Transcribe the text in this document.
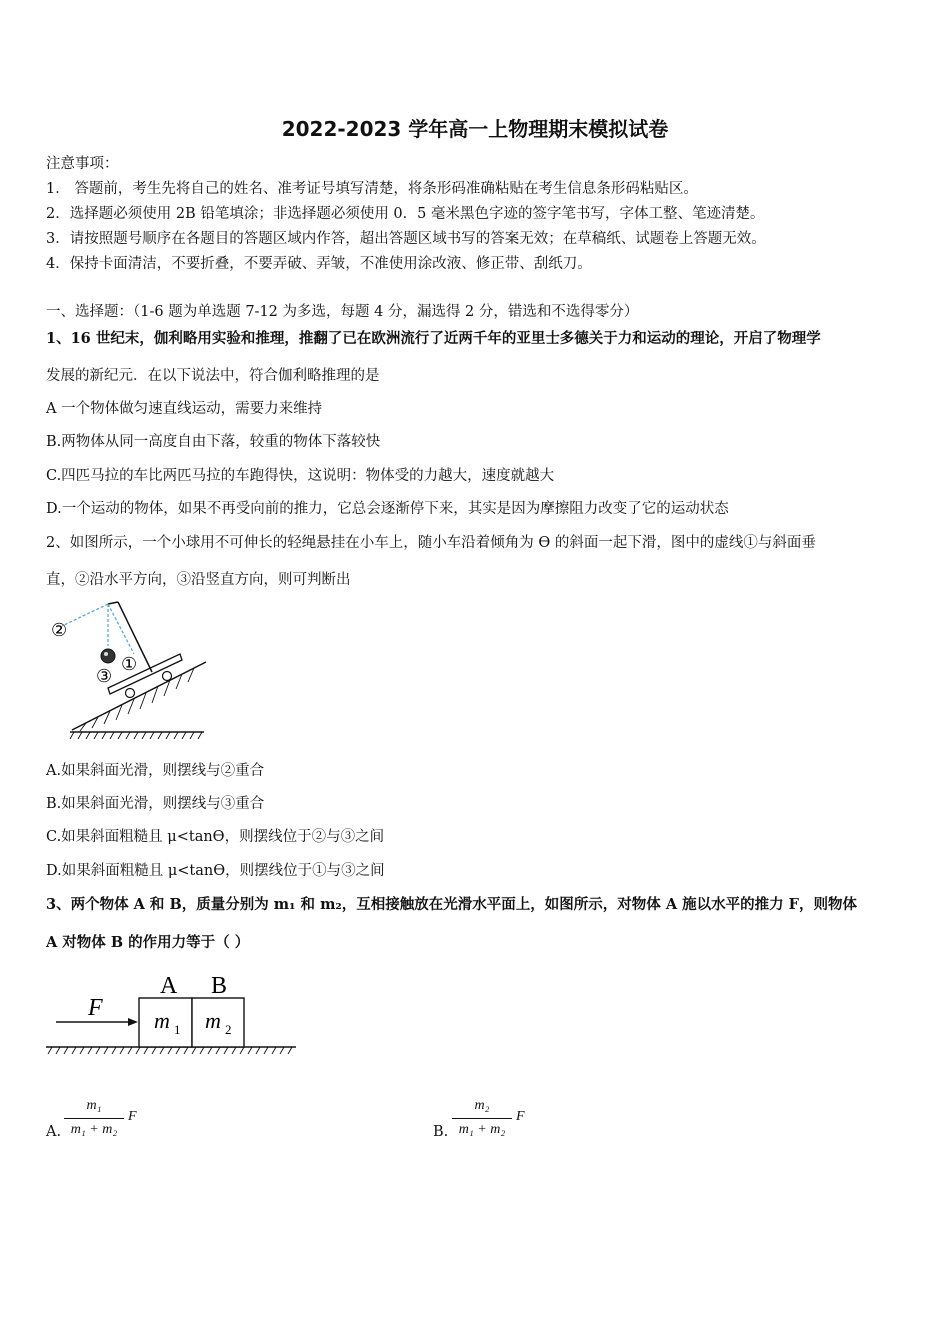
2022-2023 学年高一上物理期末模拟试卷
注意事项：
1． 答题前，考生先将自己的姓名、准考证号填写清楚，将条形码准确粘贴在考生信息条形码粘贴区。
2．选择题必须使用 2B 铅笔填涂；非选择题必须使用 0．5 毫米黑色字迹的签字笔书写，字体工整、笔迹清楚。
3．请按照题号顺序在各题目的答题区域内作答，超出答题区域书写的答案无效；在草稿纸、试题卷上答题无效。
4．保持卡面清洁，不要折叠，不要弄破、弄皱，不准使用涂改液、修正带、刮纸刀。
一、选择题：（1-6 题为单选题 7-12 为多选，每题 4 分，漏选得 2 分，错选和不选得零分）
1、16 世纪末，伽利略用实验和推理，推翻了已在欧洲流行了近两千年的亚里士多德关于力和运动的理论，开启了物理学
发展的新纪元．在以下说法中，符合伽利略推理的是
A 一个物体做匀速直线运动，需要力来维持
B.两物体从同一高度自由下落，较重的物体下落较快
C.四匹马拉的车比两匹马拉的车跑得快，这说明：物体受的力越大，速度就越大
D.一个运动的物体，如果不再受向前的推力，它总会逐渐停下来，其实是因为摩擦阻力改变了它的运动状态
2、如图所示，一个小球用不可伸长的轻绳悬挂在小车上，随小车沿着倾角为 ϴ 的斜面一起下滑，图中的虚线①与斜面垂
直，②沿水平方向，③沿竖直方向，则可判断出
②
③
①
A.如果斜面光滑，则摆线与②重合
B.如果斜面光滑，则摆线与③重合
C.如果斜面粗糙且 μ<tanϴ，则摆线位于②与③之间
D.如果斜面粗糙且 μ<tanϴ，则摆线位于①与③之间
3、两个物体 A 和 B，质量分别为 m₁ 和 m₂，互相接触放在光滑水平面上，如图所示，对物体 A 施以水平的推力 F，则物体
A 对物体 B 的作用力等于（ ）
F
A B
m 1 m 2
A.
m₁
m₁ + m₂
F
B.
m₂
m₁ + m₂
F
